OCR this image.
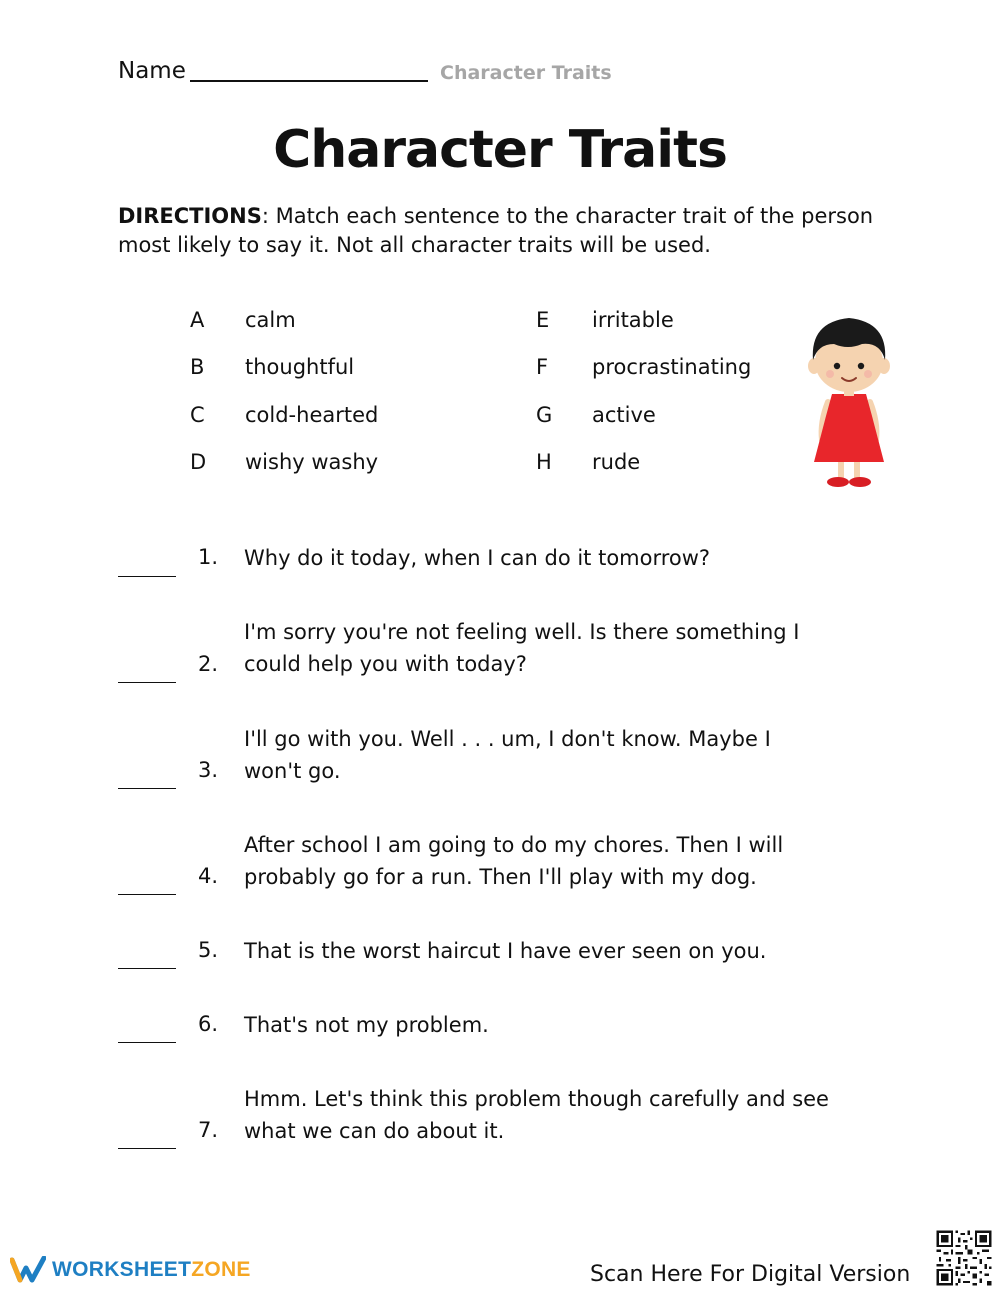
Name	Character Traits
Character Traits
DIRECTIONS: Match each sentence to the character trait of the person most likely to say it. Not all character traits will be used.
A	calm
B	thoughtful
C	cold-hearted
D	wishy washy
E	irritable
F	procrastinating
G	active
H	rude
1. Why do it today, when I can do it tomorrow?
2.
I'm sorry you're not feeling well. Is there something I
could help you with today?
3.
I'll go with you. Well . . . um, I don't know. Maybe I
won't go.
4.
After school I am going to do my chores. Then I will
probably go for a run. Then I'll play with my dog.
5. That is the worst haircut I have ever seen on you.
6. That's not my problem.
7.
Hmm. Let's think this problem though carefully and see
what we can do about it.
WORKSHEETZONE	Scan Here For Digital Version
